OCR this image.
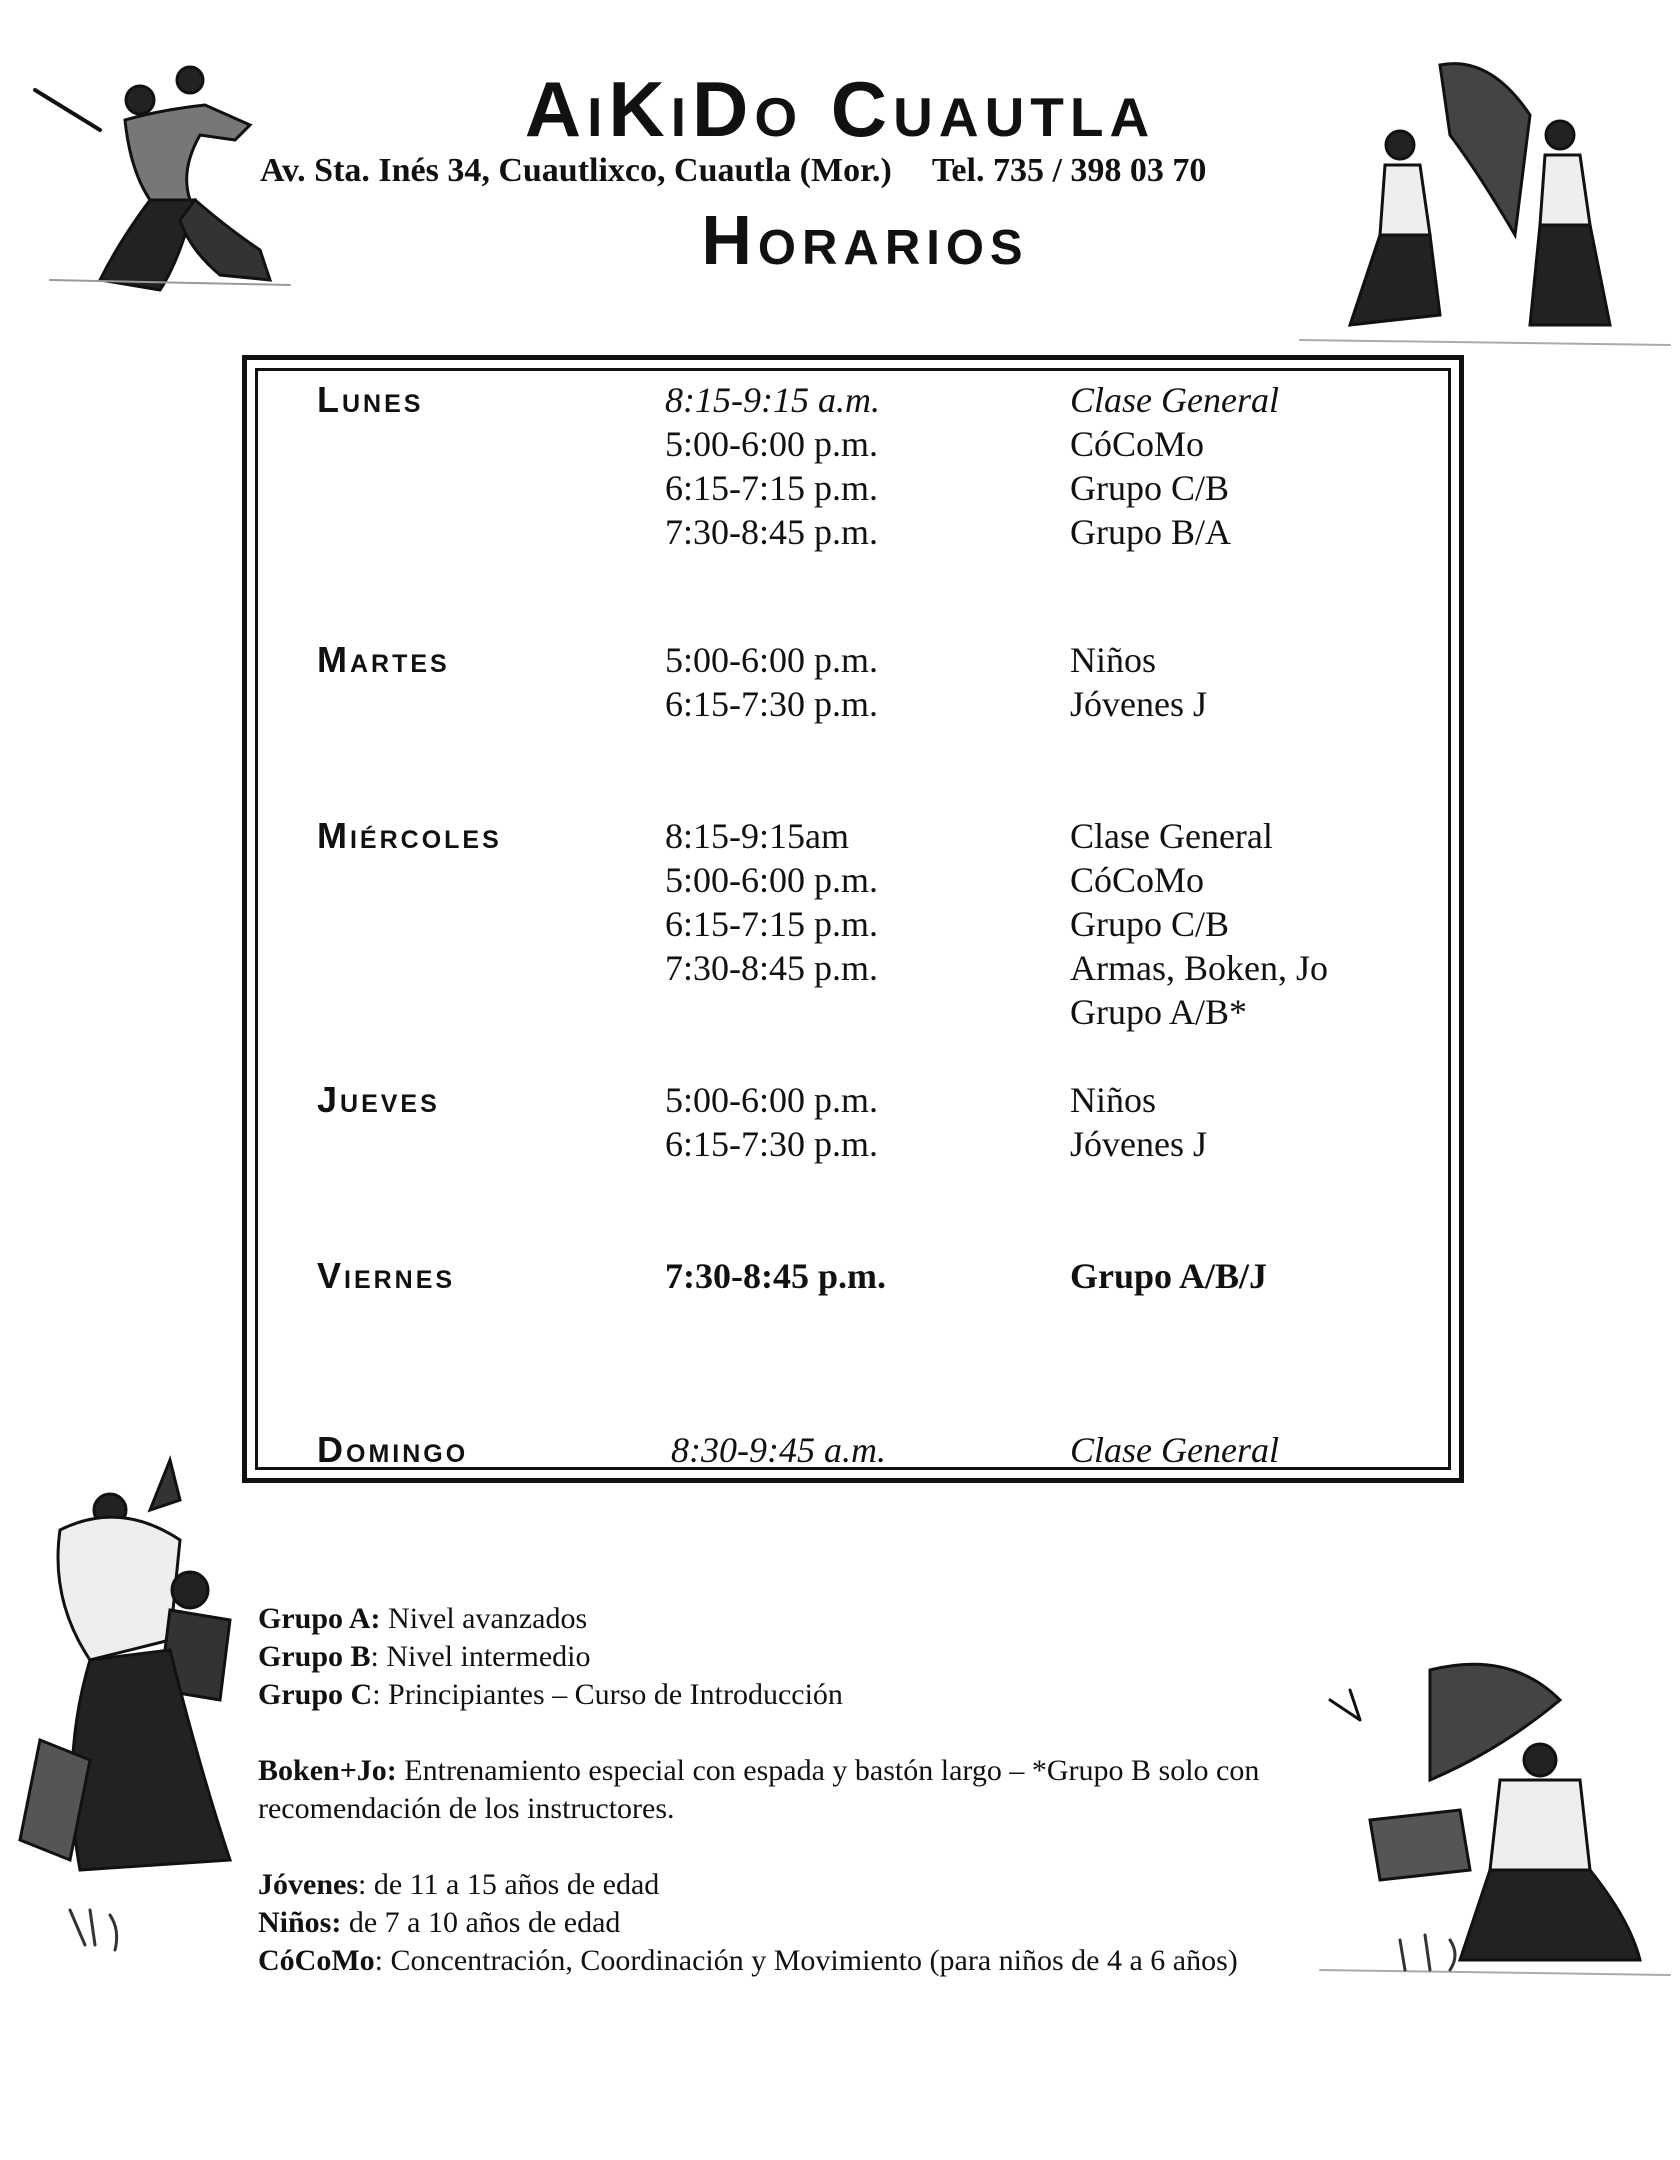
AiKiDo Cuautla
Av. Sta. Inés 34, Cuautlixco, Cuautla (Mor.) Tel. 735 / 398 03 70
Horarios
Lunes	8:15-9:15 a.m.	Clase General
5:00-6:00 p.m.	CóCoMo
6:15-7:15 p.m.	Grupo C/B
7:30-8:45 p.m.	Grupo B/A
Martes	5:00-6:00 p.m.	Niños
6:15-7:30 p.m.	Jóvenes J
Miércoles	8:15-9:15am	Clase General
5:00-6:00 p.m.	CóCoMo
6:15-7:15 p.m.	Grupo C/B
7:30-8:45 p.m.	Armas, Boken, Jo
Grupo A/B*
Jueves	5:00-6:00 p.m.	Niños
6:15-7:30 p.m.	Jóvenes J
Viernes	7:30-8:45 p.m.	Grupo A/B/J
Domingo	8:30-9:45 a.m.	Clase General

Grupo A: Nivel avanzados

Grupo B: Nivel intermedio

Grupo C: Principiantes – Curso de Introducción

Boken+Jo: Entrenamiento especial con espada y bastón largo – *Grupo B solo con recomendación de los instructores.

Jóvenes: de 11 a 15 años de edad

Niños: de 7 a 10 años de edad

CóCoMo: Concentración, Coordinación y Movimiento (para niños de 4 a 6 años)
